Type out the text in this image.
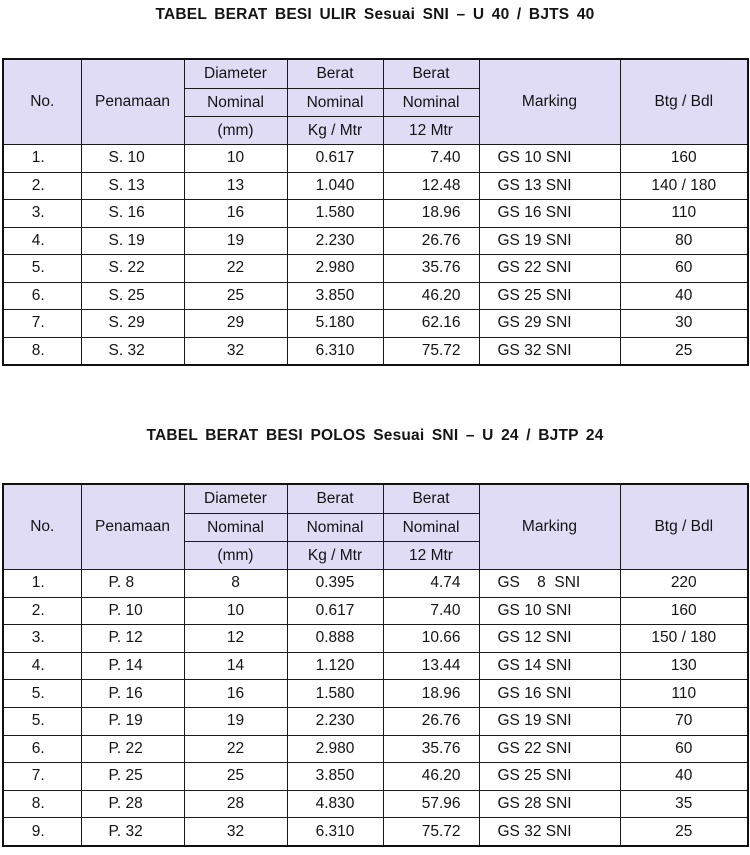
TABEL BERAT BESI ULIR Sesuai SNI – U 40 / BJTS 40
No.	Penamaan	Diameter	Berat	Berat	Marking	Btg / Bdl
		Nominal	Nominal	Nominal		
		(mm)	Kg / Mtr	12 Mtr		
1.	S. 10	10	0.617	7.40	GS 10 SNI	160
2.	S. 13	13	1.040	12.48	GS 13 SNI	140 / 180
3.	S. 16	16	1.580	18.96	GS 16 SNI	110
4.	S. 19	19	2.230	26.76	GS 19 SNI	80
5.	S. 22	22	2.980	35.76	GS 22 SNI	60
6.	S. 25	25	3.850	46.20	GS 25 SNI	40
7.	S. 29	29	5.180	62.16	GS 29 SNI	30
8.	S. 32	32	6.310	75.72	GS 32 SNI	25
TABEL BERAT BESI POLOS Sesuai SNI – U 24 / BJTP 24
No.	Penamaan	Diameter	Berat	Berat	Marking	Btg / Bdl
		Nominal	Nominal	Nominal		
		(mm)	Kg / Mtr	12 Mtr		
1.	P. 8	8	0.395	4.74	GS    8  SNI	220
2.	P. 10	10	0.617	7.40	GS 10 SNI	160
3.	P. 12	12	0.888	10.66	GS 12 SNI	150 / 180
4.	P. 14	14	1.120	13.44	GS 14 SNI	130
5.	P. 16	16	1.580	18.96	GS 16 SNI	110
5.	P. 19	19	2.230	26.76	GS 19 SNI	70
6.	P. 22	22	2.980	35.76	GS 22 SNI	60
7.	P. 25	25	3.850	46.20	GS 25 SNI	40
8.	P. 28	28	4.830	57.96	GS 28 SNI	35
9.	P. 32	32	6.310	75.72	GS 32 SNI	25
